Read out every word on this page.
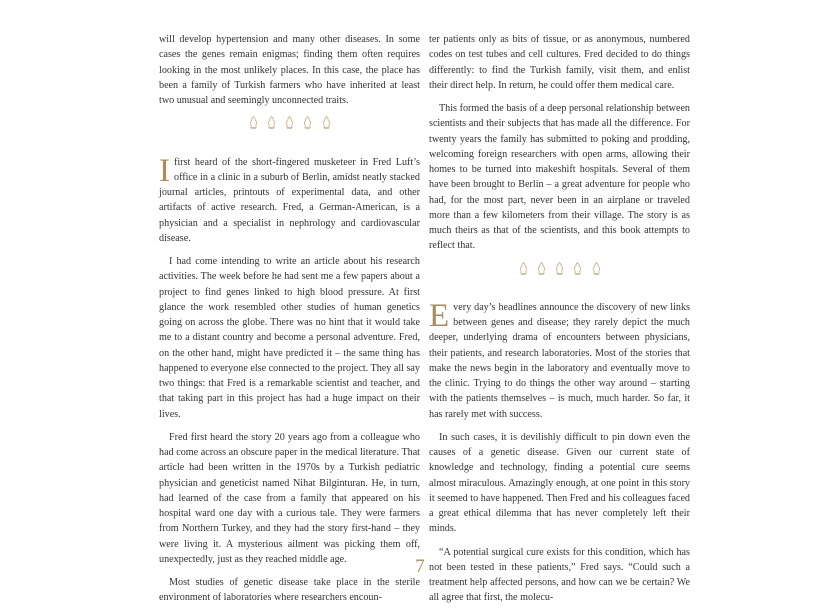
will develop hypertension and many other diseases. In some cases the genes remain enigmas; finding them often requires looking in the most unlikely places. In this case, the place has been a family of Turkish farmers who have inherited at least two unusual and seemingly unconnected traits.

Ifirst heard of the short-fingered musketeer in Fred Luft’s office in a clinic in a suburb of Berlin, amidst neatly stacked journal articles, printouts of experimental data, and other artifacts of active research. Fred, a German-American, is a physician and a specialist in nephrology and cardiovascular disease.

I had come intending to write an article about his research activities. The week before he had sent me a few papers about a project to find genes linked to high blood pressure. At first glance the work resembled other studies of human genetics going on across the globe. There was no hint that it would take me to a distant country and become a personal adventure. Fred, on the other hand, might have predicted it – the same thing has happened to everyone else connected to the project. They all say two things: that Fred is a remarkable scientist and teacher, and that taking part in this project has had a huge impact on their lives.

Fred first heard the story 20 years ago from a colleague who had come across an obscure paper in the medical literature. That article had been written in the 1970s by a Turkish pediatric physician and geneticist named Nihat Bilginturan. He, in turn, had learned of the case from a family that appeared on his hospital ward one day with a curious tale. They were farmers from Northern Turkey, and they had the story first-hand – they were living it. A mysterious ailment was picking them off, unexpectedly, just as they reached middle age.

Most studies of genetic disease take place in the sterile environment of laboratories where researchers encoun-

ter patients only as bits of tissue, or as anonymous, numbered codes on test tubes and cell cultures. Fred decided to do things differently: to find the Turkish family, visit them, and enlist their direct help. In return, he could offer them medical care.

This formed the basis of a deep personal relationship between scientists and their subjects that has made all the difference. For twenty years the family has submitted to poking and prodding, welcoming foreign researchers with open arms, allowing their homes to be turned into makeshift hospitals. Several of them have been brought to Berlin – a great adventure for people who had, for the most part, never been in an airplane or traveled more than a few kilometers from their village. The story is as much theirs as that of the scientists, and this book attempts to reflect that.

Every day’s headlines announce the discovery of new links between genes and disease; they rarely depict the much deeper, underlying drama of encounters between physicians, their patients, and research laboratories. Most of the stories that make the news begin in the laboratory and eventually move to the clinic. Trying to do things the other way around – starting with the patients themselves – is much, much harder. So far, it has rarely met with success.

In such cases, it is devilishly difficult to pin down even the causes of a genetic disease. Given our current state of knowledge and technology, finding a potential cure seems almost miraculous. Amazingly enough, at one point in this story it seemed to have happened. Then Fred and his colleagues faced a great ethical dilemma that has never completely left their minds.

“A potential surgical cure exists for this condition, which has not been tested in these patients,” Fred says. “Could such a treatment help affected persons, and how can we be certain? We all agree that first, the molecu-

7
